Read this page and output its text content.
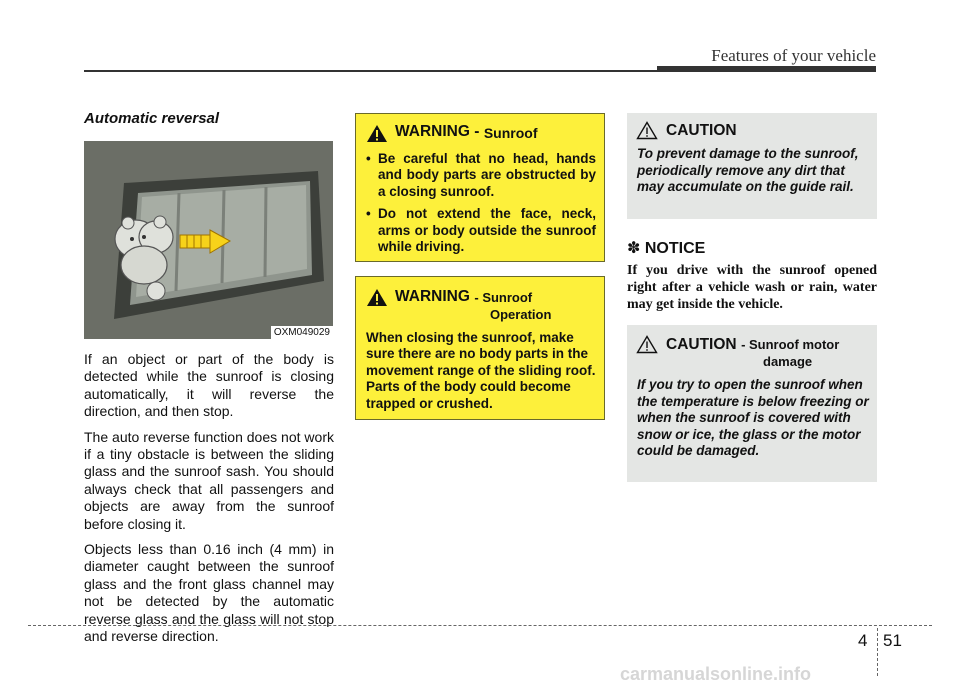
Features of your vehicle
Automatic reversal
OXM049029

If an object or part of the body is detected while the sunroof is closing automatically, it will reverse the direction, and then stop.

The auto reverse function does not work if a tiny obstacle is between the sliding glass and the sunroof sash. You should always check that all passengers and objects are away from the sunroof before closing it.

Objects less than 0.16 inch (4 mm) in diameter caught between the sunroof glass and the front glass channel may not be detected by the automatic reverse glass and the glass will not stop and reverse direction.

WARNING -
Sunroof
• Be careful that no head, hands and body parts are obstructed by a closing sunroof.
• Do not extend the face, neck, arms or body outside the sunroof while driving.
WARNING
- Sunroof
Operation
When closing the sunroof, make sure there are no body parts in the movement range of the sliding roof. Parts of the body could become trapped or crushed.
CAUTION
To prevent damage to the sunroof, periodically remove any dirt that may accumulate on the guide rail.
✽ NOTICE
If you drive with the sunroof opened right after a vehicle wash or rain, water may get inside the vehicle.
CAUTION
- Sunroof motor
damage
If you try to open the sunroof when the temperature is below freezing or when the sunroof is covered with snow or ice, the glass or the motor could be damaged.
4 51
carmanualsonline.info
